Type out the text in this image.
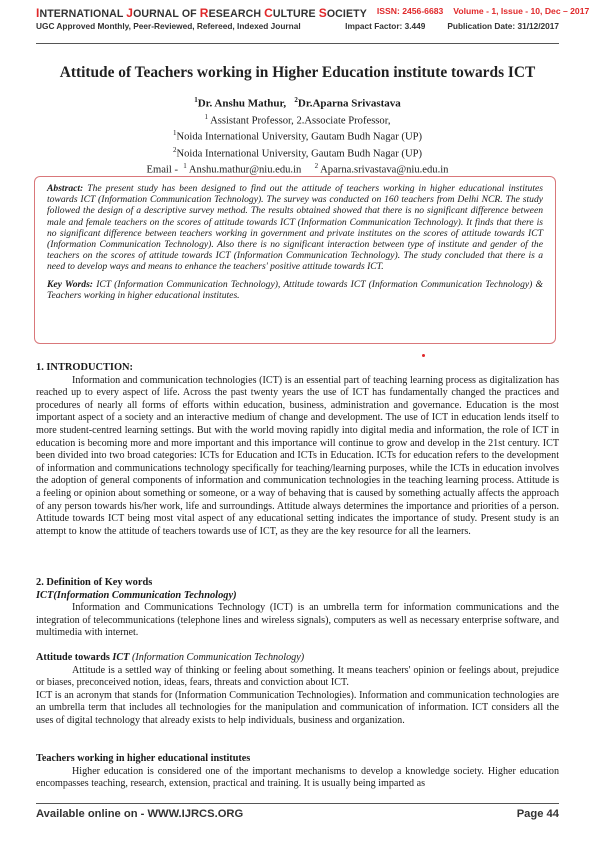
INTERNATIONAL JOURNAL OF RESEARCH CULTURE SOCIETY	ISSN: 2456-6683 Volume - 1, Issue - 10, Dec – 2017
UGC Approved Monthly, Peer-Reviewed, Refereed, Indexed Journal	Impact Factor: 3.449	Publication Date: 31/12/2017
Attitude of Teachers working in Higher Education institute towards ICT
$^1$Dr. Anshu Mathur, $^2$Dr.Aparna Srivastava
$^1$ Assistant Professor, 2.Associate Professor,
$^1$Noida International University, Gautam Budh Nagar (UP)
$^2$Noida International University, Gautam Budh Nagar (UP)
Email - $^1$ Anshu.mathur@niu.edu.in $^2$ Aparna.srivastava@niu.edu.in

Abstract: The present study has been designed to find out the attitude of teachers working in higher educational institutes towards ICT (Information Communication Technology). The survey was conducted on 160 teachers from Delhi NCR. The study followed the design of a descriptive survey method. The results obtained showed that there is no significant difference between male and female teachers on the scores of attitude towards ICT (Information Communication Technology). It finds that there is no significant difference between teachers working in government and private institutes on the scores of attitude towards ICT (Information Communication Technology). Also there is no significant interaction between type of institute and gender of the teachers on the scores of attitude towards ICT (Information Communication Technology). The study concluded that there is a need to develop ways and means to enhance the teachers' positive attitude towards ICT.

Key Words: ICT (Information Communication Technology), Attitude towards ICT (Information Communication Technology) & Teachers working in higher educational institutes.

1. INTRODUCTION:

Information and communication technologies (ICT) is an essential part of teaching learning process as digitalization has reached up to every aspect of life. Across the past twenty years the use of ICT has fundamentally changed the practices and procedures of nearly all forms of efforts within education, business, administration and governance. Education is the most important aspect of a society and an interactive medium of change and development. The use of ICT in education lends itself to more student-centred learning settings. But with the world moving rapidly into digital media and information, the role of ICT in education is becoming more and more important and this importance will continue to grow and develop in the 21st century. ICT been divided into two broad categories: ICTs for Education and ICTs in Education. ICTs for education refers to the development of information and communications technology specifically for teaching/learning purposes, while the ICTs in education involves the adoption of general components of information and communication technologies in the teaching learning process. Attitude is a feeling or opinion about something or someone, or a way of behaving that is caused by something actually affects the approach of any person towards his/her work, life and surroundings. Attitude always determines the importance and priorities of a person. Attitude towards ICT being most vital aspect of any educational setting indicates the importance of study. Present study is an attempt to know the attitude of teachers towards use of ICT, as they are the key resource for all the learners.

2. Definition of Key words

ICT(Information Communication Technology)

Information and Communications Technology (ICT) is an umbrella term for information communications and the integration of telecommunications (telephone lines and wireless signals), computers as well as necessary enterprise software, and multimedia with internet.

Attitude towards ICT (Information Communication Technology)

Attitude is a settled way of thinking or feeling about something. It means teachers' opinion or feelings about, prejudice or biases, preconceived notion, ideas, fears, threats and conviction about ICT.

ICT is an acronym that stands for (Information Communication Technologies). Information and communication technologies are an umbrella term that includes all technologies for the manipulation and communication of information. ICT considers all the uses of digital technology that already exists to help individuals, business and organization.

Teachers working in higher educational institutes

Higher education is considered one of the important mechanisms to develop a knowledge society. Higher education encompasses teaching, research, extension, practical and training. It is usually being imparted as

Available online on - WWW.IJRCS.ORG	Page 44
